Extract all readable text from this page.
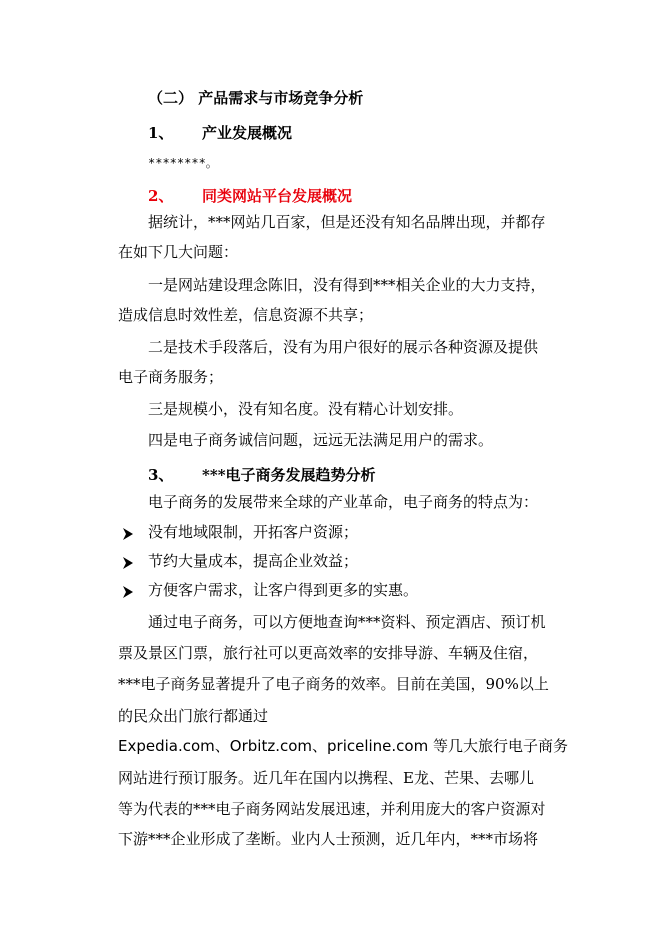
（二） 产品需求与市场竞争分析

1、 产业发展概况

********。

2、 同类网站平台发展概况

据统计，***网站几百家，但是还没有知名品牌出现，并都存

在如下几大问题：

一是网站建设理念陈旧，没有得到***相关企业的大力支持，

造成信息时效性差，信息资源不共享；

二是技术手段落后，没有为用户很好的展示各种资源及提供

电子商务服务；

三是规模小，没有知名度。没有精心计划安排。

四是电子商务诚信问题，远远无法满足用户的需求。

3、 ***电子商务发展趋势分析

电子商务的发展带来全球的产业革命，电子商务的特点为：

没有地域限制，开拓客户资源；

节约大量成本，提高企业效益；

方便客户需求，让客户得到更多的实惠。

通过电子商务，可以方便地查询***资料、预定酒店、预订机

票及景区门票，旅行社可以更高效率的安排导游、车辆及住宿，

***电子商务显著提升了电子商务的效率。目前在美国，90%以上

的民众出门旅行都通过

Expedia.com、Orbitz.com、priceline.com 等几大旅行电子商务

网站进行预订服务。近几年在国内以携程、E龙、芒果、去哪儿

等为代表的***电子商务网站发展迅速，并利用庞大的客户资源对

下游***企业形成了垄断。业内人士预测，近几年内，***市场将
